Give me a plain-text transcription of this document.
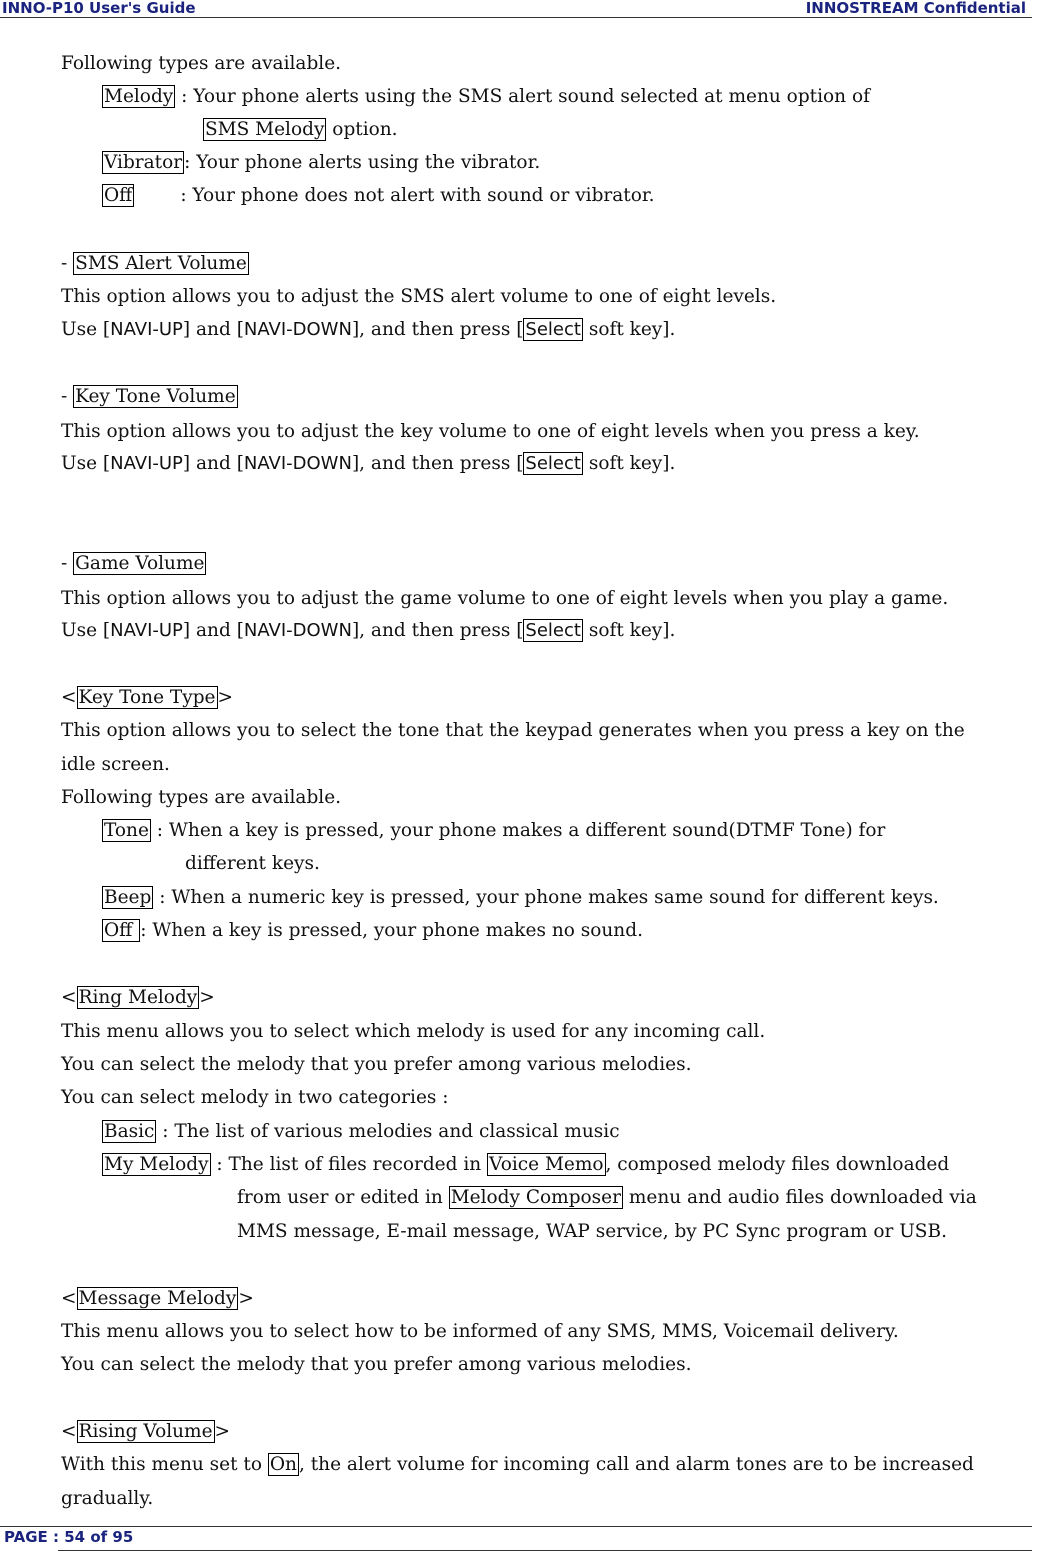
INNO-P10 User's Guide	INNOSTREAM Confidential
Following types are available.
Melody : Your phone alerts using the SMS alert sound selected at menu option of
SMS Melody option.
Vibrator : Your phone alerts using the vibrator.
Off	: Your phone does not alert with sound or vibrator.
- SMS Alert Volume
This option allows you to adjust the SMS alert volume to one of eight levels.
Use [NAVI-UP] and [NAVI-DOWN], and then press [ Select soft key].
- Key Tone Volume
This option allows you to adjust the key volume to one of eight levels when you press a key.
Use [NAVI-UP] and [NAVI-DOWN], and then press [ Select soft key].
- Game Volume
This option allows you to adjust the game volume to one of eight levels when you play a game.
Use [NAVI-UP] and [NAVI-DOWN], and then press [ Select soft key].
< Key Tone Type >
This option allows you to select the tone that the keypad generates when you press a key on the
idle screen.
Following types are available.
Tone : When a key is pressed, your phone makes a different sound(DTMF Tone) for
different keys.
Beep : When a numeric key is pressed, your phone makes same sound for different keys.
Off : When a key is pressed, your phone makes no sound.
< Ring Melody >
This menu allows you to select which melody is used for any incoming call.
You can select the melody that you prefer among various melodies.
You can select melody in two categories :
Basic : The list of various melodies and classical music
My Melody : The list of files recorded in Voice Memo , composed melody files downloaded
from user or edited in Melody Composer menu and audio files downloaded via
MMS message, E-mail message, WAP service, by PC Sync program or USB.
< Message Melody >
This menu allows you to select how to be informed of any SMS, MMS, Voicemail delivery.
You can select the melody that you prefer among various melodies.
< Rising Volume >
With this menu set to On , the alert volume for incoming call and alarm tones are to be increased
gradually.
PAGE : 54 of 95
